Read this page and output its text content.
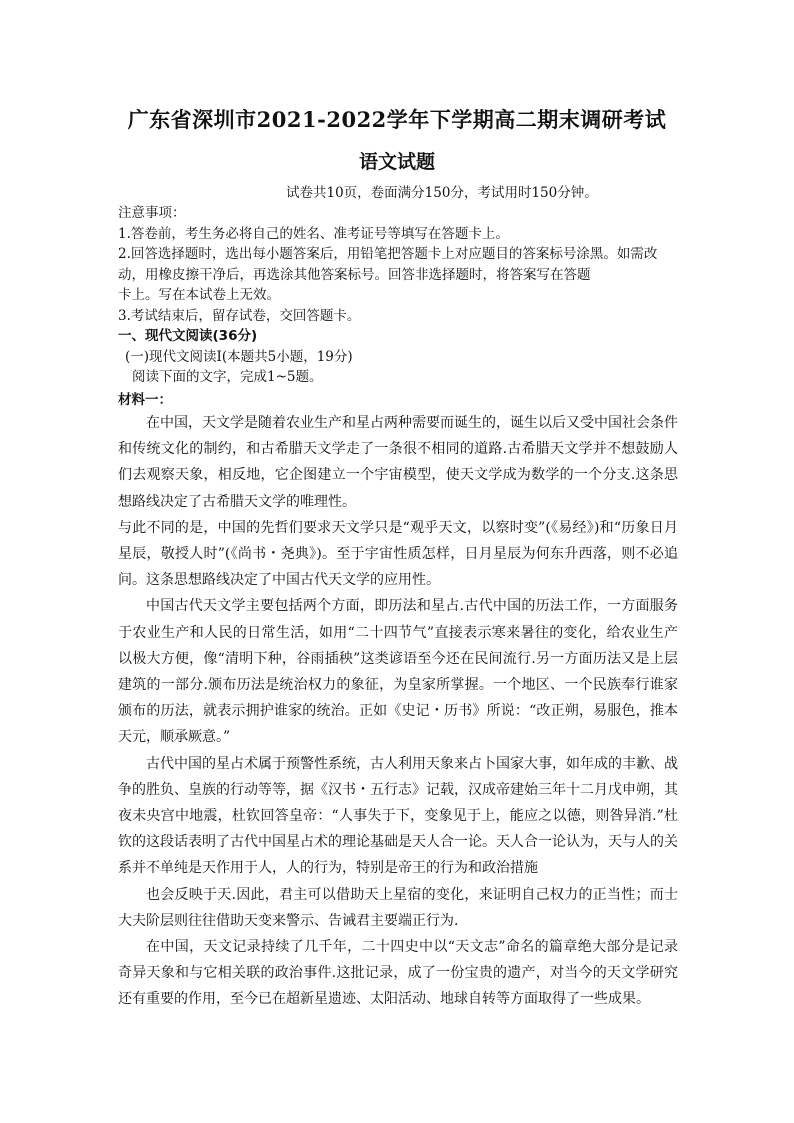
广东省深圳市2021-2022学年下学期高二期末调研考试
语文试题
试卷共10页，卷面满分150分，考试用时150分钟。

注意事项：

1.答卷前，考生务必将自己的姓名、准考证号等填写在答题卡上。

2.回答选择题时，选出每小题答案后，用铅笔把答题卡上对应题目的答案标号涂黑。如需改动，用橡皮擦干净后，再选涂其他答案标号。回答非选择题时，将答案写在答题

卡上。写在本试卷上无效。

3.考试结束后，留存试卷，交回答题卡。

一、现代文阅读(36分)

(一)现代文阅读Ⅰ(本题共5小题，19分)

阅读下面的文字，完成1~5题。

材料一：

在中国，天文学是随着农业生产和星占两种需要而诞生的，诞生以后又受中国社会条件和传统文化的制约，和古希腊天文学走了一条很不相同的道路.古希腊天文学并不想鼓励人们去观察天象，相反地，它企图建立一个宇宙模型，使天文学成为数学的一个分支.这条思想路线决定了古希腊天文学的唯理性。

与此不同的是，中国的先哲们要求天文学只是“观乎天文，以察时变”(《易经》)和“历象日月星辰，敬授人时”(《尚书・尧典》)。至于宇宙性质怎样，日月星辰为何东升西落，则不必追问。这条思想路线决定了中国古代天文学的应用性。

中国古代天文学主要包括两个方面，即历法和星占.古代中国的历法工作，一方面服务于农业生产和人民的日常生活，如用“二十四节气”直接表示寒来暑往的变化，给农业生产以极大方便，像“清明下种，谷雨插秧”这类谚语至今还在民间流行.另一方面历法又是上层建筑的一部分.颁布历法是统治权力的象征，为皇家所掌握。一个地区、一个民族奉行谁家颁布的历法，就表示拥护谁家的统治。正如《史记・历书》所说：“改正朔，易服色，推本天元，顺承厥意。”

古代中国的星占术属于预警性系统，古人利用天象来占卜国家大事，如年成的丰歉、战争的胜负、皇族的行动等等，据《汉书・五行志》记载，汉成帝建始三年十二月戊申朔，其夜未央宫中地震，杜钦回答皇帝：“人事失于下，变象见于上，能应之以德，则咎异消.”杜钦的这段话表明了古代中国星占术的理论基础是天人合一论。天人合一论认为，天与人的关系并不单纯是天作用于人，人的行为，特别是帝王的行为和政治措施

也会反映于天.因此，君主可以借助天上星宿的变化，来证明自己权力的正当性；而士大夫阶层则往往借助天变来警示、告诫君主要端正行为.

在中国，天文记录持续了几千年，二十四史中以“天文志”命名的篇章绝大部分是记录奇异天象和与它相关联的政治事件.这批记录，成了一份宝贵的遗产，对当今的天文学研究还有重要的作用，至今已在超新星遗迹、太阳活动、地球自转等方面取得了一些成果。
